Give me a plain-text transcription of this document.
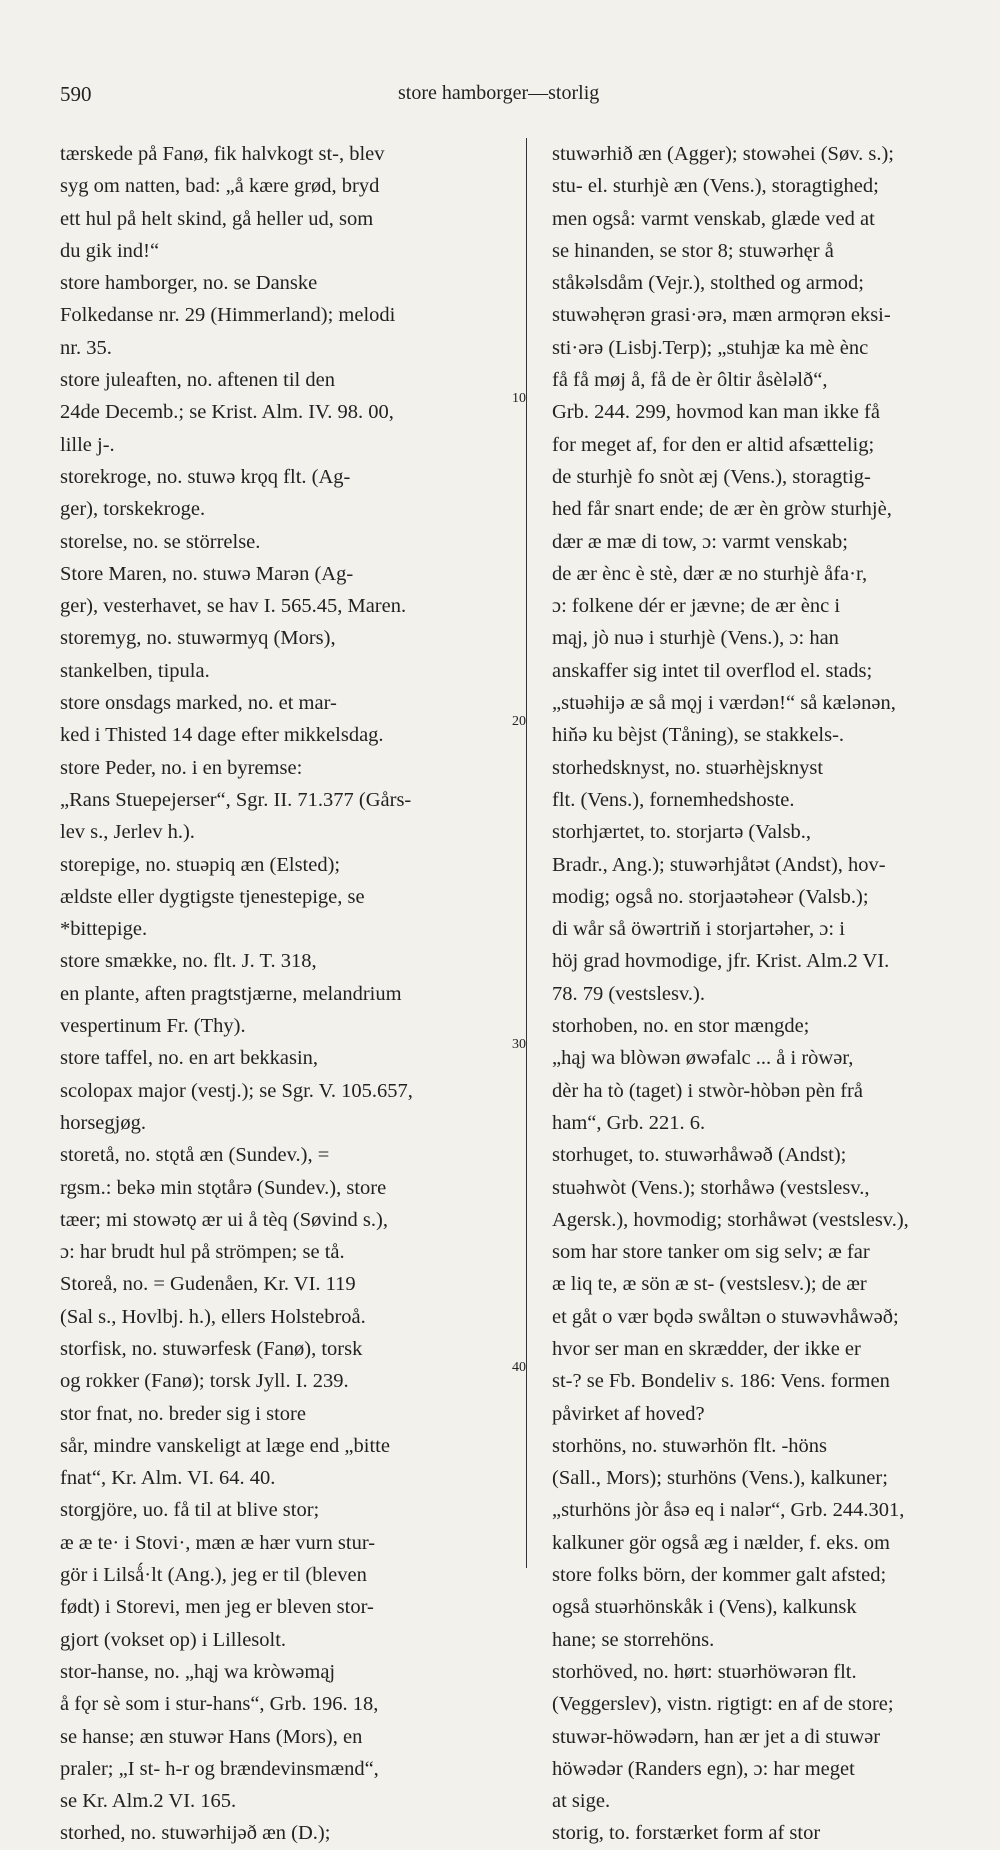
590	store hamborger—storlig
tærskede på Fanø, fik halvkogt st-, blev
syg om natten, bad: „å kære grød, bryd
ett hul på helt skind, gå heller ud, som
du gik ind!“
store hamborger, no. se Danske
Folkedanse nr. 29 (Himmerland); melodi
nr. 35.
store juleaften, no. aftenen til den
24de Decemb.; se Krist. Alm. IV. 98. 00,
lille j-.
storekroge, no. stuwə krǫq flt. (Ag-
ger), torskekroge.
storelse, no. se störrelse.
Store Maren, no. stuwə Marən (Ag-
ger), vesterhavet, se hav I. 565.45, Maren.
storemyg, no. stuwərmyq (Mors),
stankelben, tipula.
store onsdags marked, no. et mar-
ked i Thisted 14 dage efter mikkelsdag.
store Peder, no. i en byremse:
„Rans Stuepejerser“, Sgr. II. 71.377 (Gårs-
lev s., Jerlev h.).
storepige, no. stuəpiq æn (Elsted);
ældste eller dygtigste tjenestepige, se
*bittepige.
store smække, no. flt. J. T. 318,
en plante, aften pragtstjærne, melandrium
vespertinum Fr. (Thy).
store taffel, no. en art bekkasin,
scolopax major (vestj.); se Sgr. V. 105.657,
horsegjøg.
storetå, no. stǫtå æn (Sundev.), =
rgsm.: bekə min stǫtårə (Sundev.), store
tæer; mi stowətǫ ær ui å tèq (Søvind s.),
ɔ: har brudt hul på strömpen; se tå.
Storeå, no. = Gudenåen, Kr. VI. 119
(Sal s., Hovlbj. h.), ellers Holstebroå.
storfisk, no. stuwərfesk (Fanø), torsk
og rokker (Fanø); torsk Jyll. I. 239.
stor fnat, no. breder sig i store
sår, mindre vanskeligt at læge end „bitte
fnat“, Kr. Alm. VI. 64. 40.
storgjöre, uo. få til at blive stor;
æ æ te· i Stovi·, mæn æ hær vurn stur-
gör i Lilsǻ·lt (Ang.), jeg er til (bleven
født) i Storevi, men jeg er bleven stor-
gjort (vokset op) i Lillesolt.
stor-hanse, no. „hąj wa kròwəmąj
å fǫr sè som i stur-hans“, Grb. 196. 18,
se hanse; æn stuwər Hans (Mors), en
praler; „I st- h-r og brændevinsmænd“,
se Kr. Alm.2 VI. 165.
storhed, no. stuwərhijəð æn (D.);
10
20
30
40
stuwərhið æn (Agger); stowəhei (Søv. s.);
stu- el. sturhjè æn (Vens.), storagtighed;
men også: varmt venskab, glæde ved at
se hinanden, se stor 8; stuwərhęr å
ståkəlsdåm (Vejr.), stolthed og armod;
stuwəhęrən grasi·ərə, mæn armǫrən eksi-
sti·ərə (Lisbj.Terp); „stuhjæ ka mè ènc
få få møj å, få de èr ôltir åsèləlð“,
Grb. 244. 299, hovmod kan man ikke få
for meget af, for den er altid afsættelig;
de sturhjè fo snòt æj (Vens.), storagtig-
hed får snart ende; de ær èn gròw sturhjè,
dær æ mæ di tow, ɔ: varmt venskab;
de ær ènc è stè, dær æ no sturhjè åfa·r,
ɔ: folkene dér er jævne; de ær ènc i
mąj, jò nuə i sturhjè (Vens.), ɔ: han
anskaffer sig intet til overflod el. stads;
„stuəhijə æ så mǫj i værdən!“ så kælənən,
hiňə ku bèjst (Tåning), se stakkels-.
storhedsknyst, no. stuərhèjsknyst
flt. (Vens.), fornemhedshoste.
storhjærtet, to. storjartə (Valsb.,
Bradr., Ang.); stuwərhjåtət (Andst), hov-
modig; også no. storjaətəheər (Valsb.);
di wår så öwərtriň i storjartəher, ɔ: i
höj grad hovmodige, jfr. Krist. Alm.2 VI.
78. 79 (vestslesv.).
storhoben, no. en stor mængde;
„hąj wa blòwən øwəfalc ... å i ròwər,
dèr ha tò (taget) i stwòr-hòbən pèn frå
ham“, Grb. 221. 6.
storhuget, to. stuwərhåwəð (Andst);
stuəhwòt (Vens.); storhåwə (vestslesv.,
Agersk.), hovmodig; storhåwət (vestslesv.),
som har store tanker om sig selv; æ far
æ liq te, æ sön æ st- (vestslesv.); de ær
et gåt o vær bǫdə swåltən o stuwəvhåwəð;
hvor ser man en skrædder, der ikke er
st-? se Fb. Bondeliv s. 186: Vens. formen
påvirket af hoved?
storhöns, no. stuwərhön flt. -höns
(Sall., Mors); sturhöns (Vens.), kalkuner;
„sturhöns jòr åsə eq i nalər“, Grb. 244.301,
kalkuner gör også æg i nælder, f. eks. om
store folks börn, der kommer galt afsted;
også stuərhönskåk i (Vens), kalkunsk
hane; se storrehöns.
storhöved, no. hørt: stuərhöwərən flt.
(Veggerslev), vistn. rigtigt: en af de store;
stuwər-höwədərn, han ær jet a di stuwər
höwədər (Randers egn), ɔ: har meget
at sige.
storig, to. forstærket form af stor
